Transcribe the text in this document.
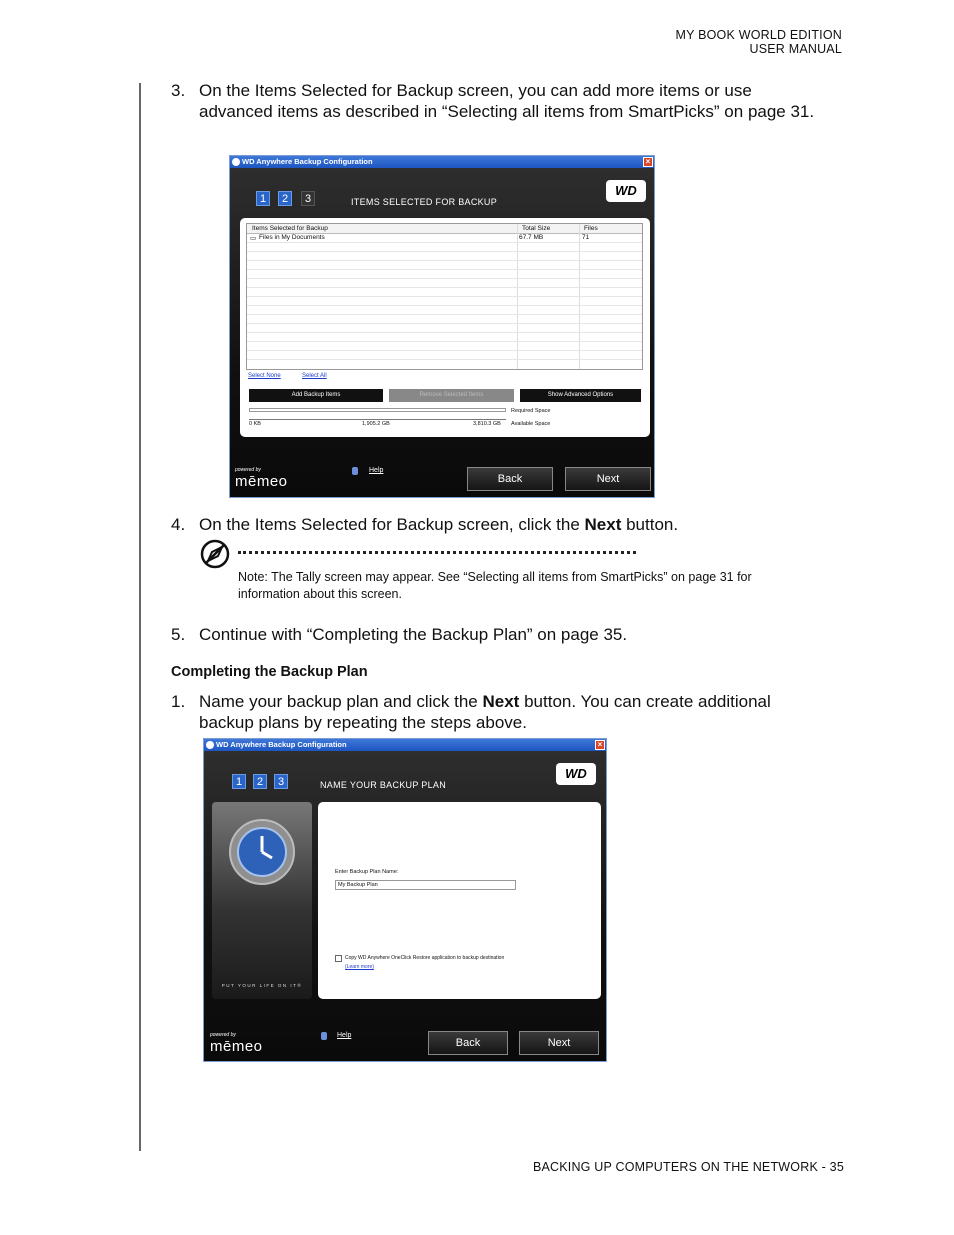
MY BOOK WORLD EDITION
USER MANUAL
3. On the Items Selected for Backup screen, you can add more items or use advanced items as described in “Selecting all items from SmartPicks” on page 31.
WD Anywhere Backup Configuration	×
1	2	3	ITEMS SELECTED FOR BACKUP
WD
Items Selected for Backup	Total Size	Files
▭ Files in My Documents	67.7 MB	71
Select None	Select All
Add Backup Items	Remove Selected Items	Show Advanced Options
0 KB	1,905.2 GB	3,810.3 GB
Required Space
Available Space
powered by
mēmeo
Help
Back	Next
4. On the Items Selected for Backup screen, click the Next button.
Note: The Tally screen may appear. See “Selecting all items from SmartPicks” on page 31 for information about this screen.
5. Continue with “Completing the Backup Plan” on page 35.
Completing the Backup Plan
1. Name your backup plan and click the Next button. You can create additional backup plans by repeating the steps above.
WD Anywhere Backup Configuration	×
1	2	3	NAME YOUR BACKUP PLAN
WD
PUT YOUR LIFE ON IT®
Enter Backup Plan Name:
My Backup Plan
Copy WD Anywhere OneClick Restore application to backup destination
(Learn more)
powered by
mēmeo
Help
Back	Next
BACKING UP COMPUTERS ON THE NETWORK - 35
